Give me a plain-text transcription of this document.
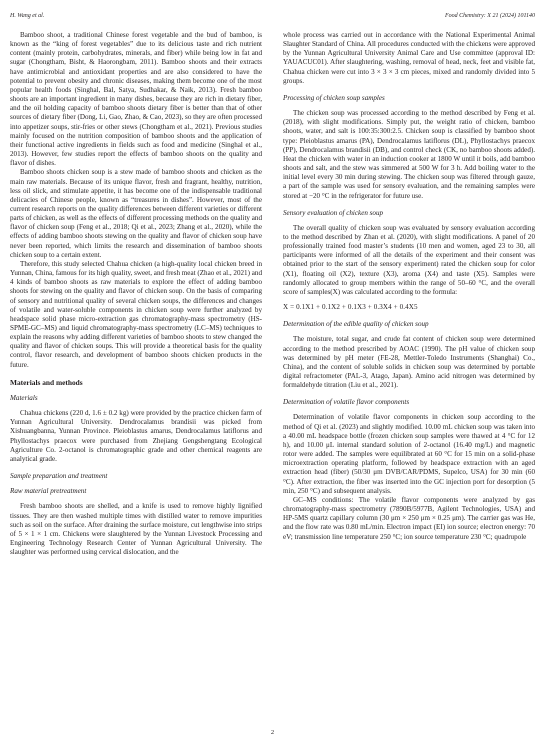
H. Wang et al.	Food Chemistry: X 21 (2024) 101140

Bamboo shoot, a traditional Chinese forest vegetable and the bud of bamboo, is known as the “king of forest vegetables” due to its delicious taste and rich nutrient content (mainly protein, carbohydrates, minerals, and fiber) while being low in fat and sugar (Chongtham, Bisht, & Haorongbam, 2011). Bamboo shoots and their extracts have antimicrobial and antioxidant properties and are also considered to have the potential to prevent obesity and chronic diseases, making them become one of the most popular health foods (Singhal, Bal, Satya, Sudhakar, & Naik, 2013). Fresh bamboo shoots are an important ingredient in many dishes, because they are rich in dietary fiber, and the oil holding capacity of bamboo shoots dietary fiber is better than that of other sources of dietary fiber (Dong, Li, Gao, Zhao, & Cao, 2023), so they are often processed into appetizer soups, stir-fries or other stews (Chongtham et al., 2021). Previous studies mainly focused on the nutrition composition of bamboo shoots and the application of their functional active ingredients in fields such as food and medicine (Singhal et al., 2013). However, few studies report the effects of bamboo shoots on the quality and flavor of dishes.

Bamboo shoots chicken soup is a stew made of bamboo shoots and chicken as the main raw materials. Because of its unique flavor, fresh and fragrant, healthy, nutrition, less oil slick, and stimulate appetite, it has become one of the indispensable traditional delicacies of Chinese people, known as “treasures in dishes”. However, most of the current research reports on the quality differences between different varieties or different parts of chicken, as well as the effects of different processing methods on the quality and flavor of chicken soup (Feng et al., 2018; Qi et al., 2023; Zhang et al., 2020), while the effects of adding bamboo shoots stewing on the quality and flavor of chicken soup have never been reported, which limits the research and dissemination of bamboo shoots chicken soup to a certain extent.

Therefore, this study selected Chahua chicken (a high-quality local chicken breed in Yunnan, China, famous for its high quality, sweet, and fresh meat (Zhao et al., 2021) and 4 kinds of bamboo shoots as raw materials to explore the effect of adding bamboo shoots for stewing on the quality and flavor of chicken soup. On the basis of comparing of sensory and nutritional quality of several chicken soups, the differences and changes of volatile and water-soluble components in chicken soup were further analyzed by headspace solid phase micro-extraction gas chromatography-mass spectrometry (HS-SPME-GC–MS) and liquid chromatography-mass spectrometry (LC–MS) techniques to explain the reasons why adding different varieties of bamboo shoots to stew changed the quality and flavor of chicken soups. This will provide a theoretical basis for the quality control, flavor research, and development of bamboo shoots chicken products in the future.

Materials and methods
Materials

Chahua chickens (220 d, 1.6 ± 0.2 kg) were provided by the practice chicken farm of Yunnan Agricultural University. Dendrocalamus brandisii was picked from Xishuangbanna, Yunnan Province. Pleioblastus amarus, Dendrocalamus latiflorus and Phyllostachys praecox were purchased from Zhejiang Gengshengtang Ecological Agriculture Co. 2-octanol is chromatographic grade and other chemical reagents are analytical grade.

Sample preparation and treatment
Raw material pretreatment

Fresh bamboo shoots are shelled, and a knife is used to remove highly lignified tissues. They are then washed multiple times with distilled water to remove impurities such as soil on the surface. After draining the surface moisture, cut lengthwise into strips of 5 × 1 × 1 cm. Chickens were slaughtered by the Yunnan Livestock Processing and Engineering Technology Research Center of Yunnan Agricultural University. The slaughter was performed using cervical dislocation, and the

whole process was carried out in accordance with the National Experimental Animal Slaughter Standard of China. All procedures conducted with the chickens were approved by the Yunnan Agricultural University Animal Care and Use committee (approval ID: YAUACUC01). After slaughtering, washing, removal of head, neck, feet and visible fat, Chahua chicken were cut into 3 × 3 × 3 cm pieces, mixed and randomly divided into 5 groups.

Processing of chicken soup samples

The chicken soup was processed according to the method described by Feng et al. (2018), with slight modifications. Simply put, the weight ratio of chicken, bamboo shoots, water, and salt is 100:35:300:2.5. Chicken soup is classified by bamboo shoot type: Pleioblastus amarus (PA), Dendrocalamus latiflorus (DL), Phyllostachys praecox (PP), Dendrocalamus brandisii (DB), and control check (CK, no bamboo shoots added). Heat the chicken with water in an induction cooker at 1800 W until it boils, add bamboo shoots and salt, and the stew was simmered at 500 W for 3 h. Add boiling water to the initial level every 30 min during stewing. The chicken soup was filtered through gauze, a part of the sample was used for sensory evaluation, and the remaining samples were stored at −20 °C in the refrigerator for future use.

Sensory evaluation of chicken soup

The overall quality of chicken soup was evaluated by sensory evaluation according to the method described by Zhan et al. (2020), with slight modifications. A panel of 20 professionally trained food master’s students (10 men and women, aged 23 to 30, all participants were informed of all the details of the experiment and their consent was obtained prior to the start of the sensory experiment) rated the chicken soup for color (X1), floating oil (X2), texture (X3), aroma (X4) and taste (X5). Samples were randomly allocated to group members within the range of 50–60 °C, and the overall score of samples(X) was calculated according to the formula:

X = 0.1X1 + 0.1X2 + 0.1X3 + 0.3X4 + 0.4X5
Determination of the edible quality of chicken soup

The moisture, total sugar, and crude fat content of chicken soup were determined according to the method prescribed by AOAC (1990). The pH value of chicken soup was determined by pH meter (FE-28, Mettler-Toledo Instruments (Shanghai) Co., China), and the content of soluble solids in chicken soup was determined by portable digital refractometer (PAL-3, Atago, Japan). Amino acid nitrogen was determined by formaldehyde titration (Liu et al., 2021).

Determination of volatile flavor components

Determination of volatile flavor components in chicken soup according to the method of Qi et al. (2023) and slightly modified. 10.00 mL chicken soup was taken into a 40.00 mL headspace bottle (frozen chicken soup samples were thawed at 4 °C for 12 h), and 10.00 μL internal standard solution of 2-octanol (16.40 mg/L) and magnetic rotor were added. The samples were equilibrated at 60 °C for 15 min on a solid-phase microextraction operating platform, followed by headspace extraction with an aged extraction head (fiber) (50/30 μm DVB/CAR/PDMS, Supelco, USA) for 30 min (60 °C). After extraction, the fiber was inserted into the GC injection port for desorption (5 min, 250 °C) and subsequent analysis.

GC–MS conditions: The volatile flavor components were analyzed by gas chromatography-mass spectrometry (7890B/5977B, Agilent Technologies, USA) and HP-5MS quartz capillary column (30 μm × 250 μm × 0.25 μm). The carrier gas was He, and the flow rate was 0.80 mL/min. Electron impact (EI) ion source; electron energy: 70 eV; transmission line temperature 250 °C; ion source temperature 230 °C; quadrupole

2
